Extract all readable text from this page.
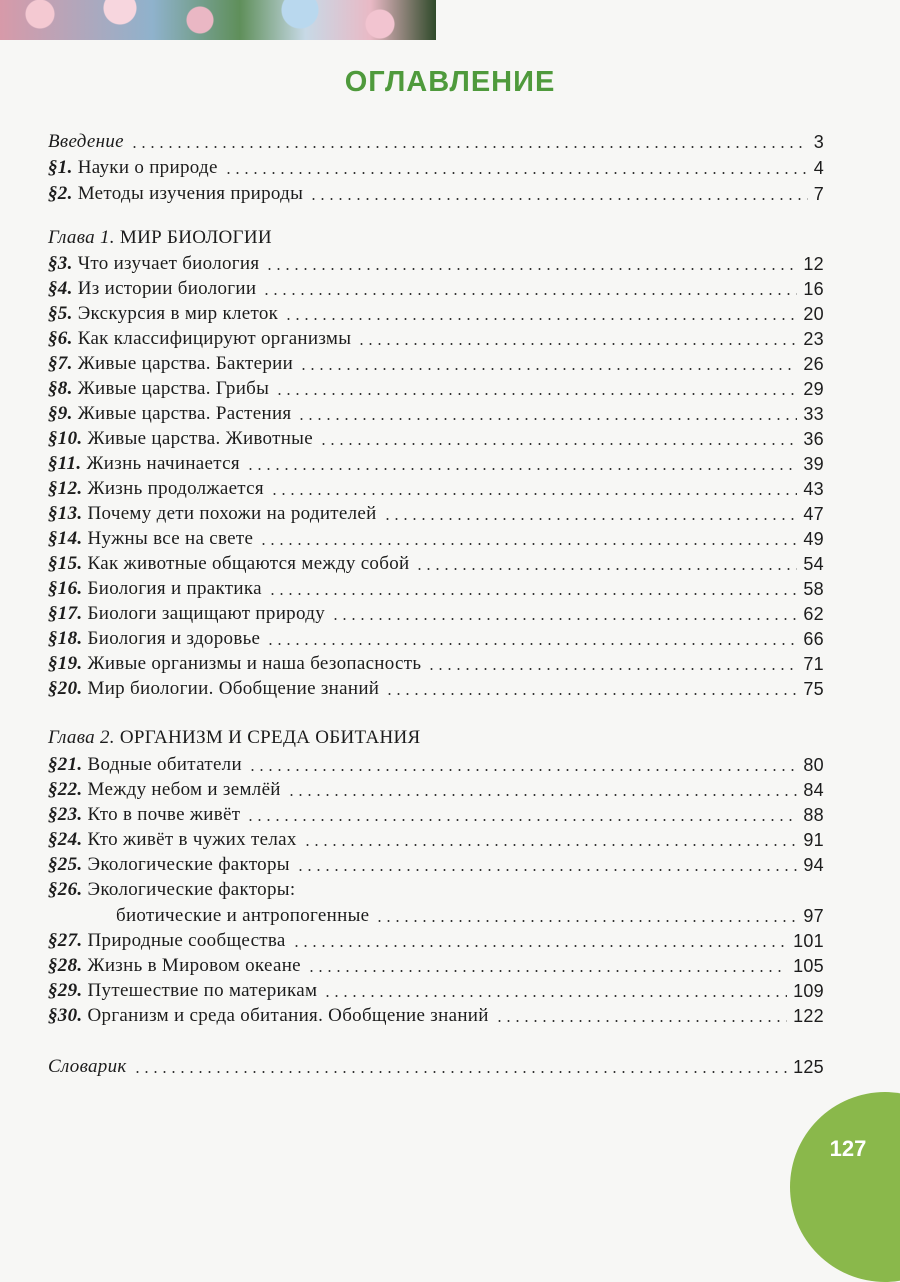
ОГЛАВЛЕНИЕ
Введение	3
§1. Науки о природе	4
§2. Методы изучения природы	7
Глава 1. МИР БИОЛОГИИ
§3. Что изучает биология	12
§4. Из истории биологии	16
§5. Экскурсия в мир клеток	20
§6. Как классифицируют организмы	23
§7. Живые царства. Бактерии	26
§8. Живые царства. Грибы	29
§9. Живые царства. Растения	33
§10. Живые царства. Животные	36
§11. Жизнь начинается	39
§12. Жизнь продолжается	43
§13. Почему дети похожи на родителей	47
§14. Нужны все на свете	49
§15. Как животные общаются между собой	54
§16. Биология и практика	58
§17. Биологи защищают природу	62
§18. Биология и здоровье	66
§19. Живые организмы и наша безопасность	71
§20. Мир биологии. Обобщение знаний	75
Глава 2. ОРГАНИЗМ И СРЕДА ОБИТАНИЯ
§21. Водные обитатели	80
§22. Между небом и землёй	84
§23. Кто в почве живёт	88
§24. Кто живёт в чужих телах	91
§25. Экологические факторы	94
§26. Экологические факторы:
биотические и антропогенные	97
§27. Природные сообщества	101
§28. Жизнь в Мировом океане	105
§29. Путешествие по материкам	109
§30. Организм и среда обитания. Обобщение знаний	122
Словарик	125
127
